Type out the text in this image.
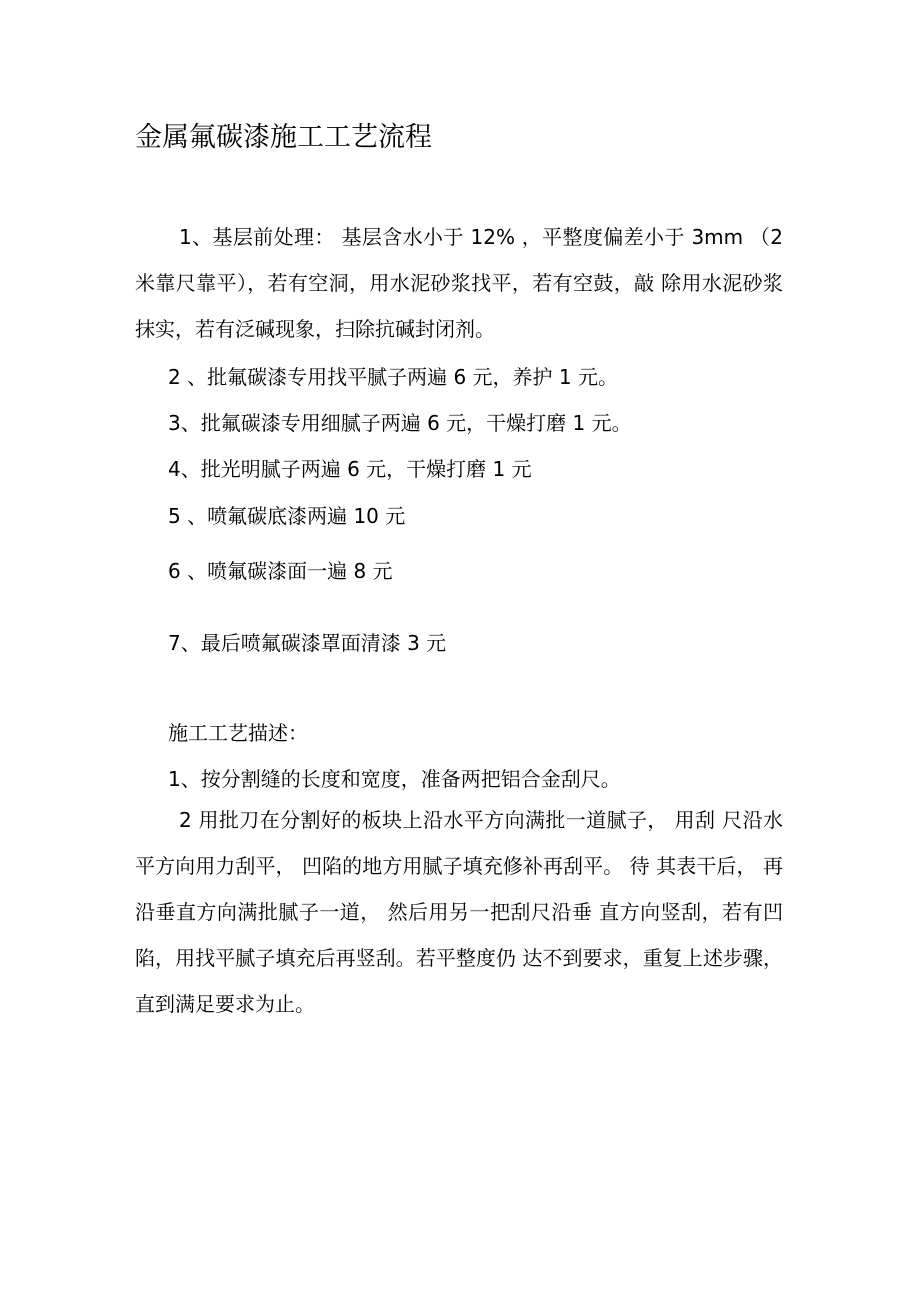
金属氟碳漆施工工艺流程

1、基层前处理： 基层含水小于 12% ，平整度偏差小于 3mm （2 米靠尺靠平），若有空洞，用水泥砂浆找平，若有空鼓，敲 除用水泥砂浆抹实，若有泛碱现象，扫除抗碱封闭剂。

2 、批氟碳漆专用找平腻子两遍 6 元，养护 1 元。

3、批氟碳漆专用细腻子两遍 6 元，干燥打磨 1 元。

4、批光明腻子两遍 6 元，干燥打磨 1 元

5 、喷氟碳底漆两遍 10 元

6 、喷氟碳漆面一遍 8 元

7、最后喷氟碳漆罩面清漆 3 元

施工工艺描述：

1、按分割缝的长度和宽度，准备两把铝合金刮尺。

2 用批刀在分割好的板块上沿水平方向满批一道腻子， 用刮 尺沿水平方向用力刮平， 凹陷的地方用腻子填充修补再刮平。 待 其表干后， 再沿垂直方向满批腻子一道， 然后用另一把刮尺沿垂 直方向竖刮，若有凹陷，用找平腻子填充后再竖刮。若平整度仍 达不到要求，重复上述步骤，直到满足要求为止。
